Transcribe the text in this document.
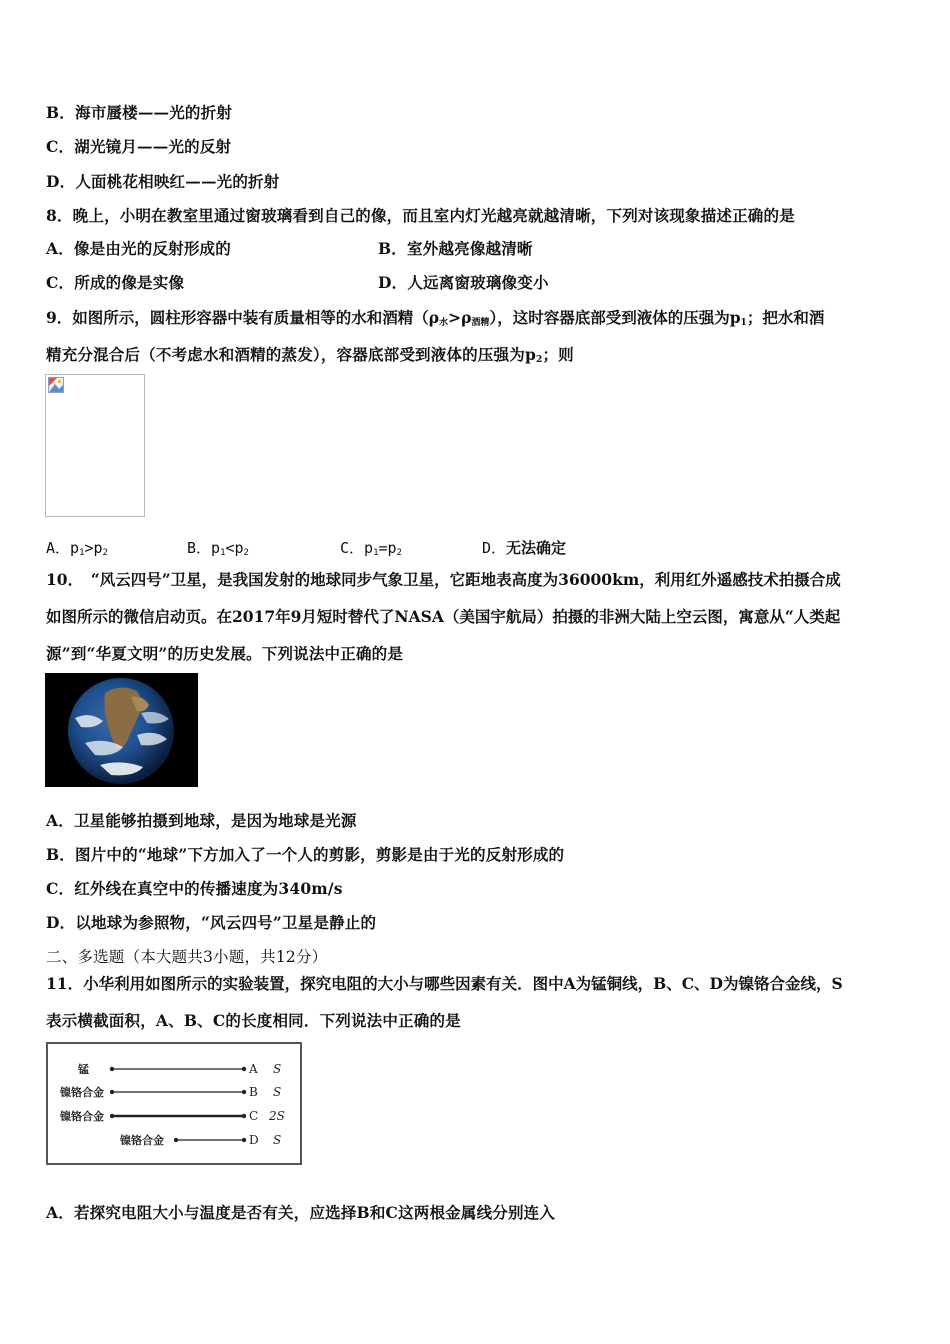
B．海市蜃楼——光的折射
C．湖光镜月——光的反射
D．人面桃花相映红——光的折射
8．晚上，小明在教室里通过窗玻璃看到自己的像，而且室内灯光越亮就越清晰，下列对该现象描述正确的是
A．像是由光的反射形成的	B．室外越亮像越清晰
C．所成的像是实像	D．人远离窗玻璃像变小
9．如图所示，圆柱形容器中装有质量相等的水和酒精$(\rho_水>\rho_{酒精})$，这时容器底部受到液体的压强为$p_1$；把水和酒
精充分混合后（不考虑水和酒精的蒸发），容器底部受到液体的压强为$p_2$；则
A．$p_1>p_2$	B．$p_1<p_2$	C．$p_1=p_2$	D．无法确定
10．　“风云四号”卫星，是我国发射的地球同步气象卫星，它距地表高度为36000km，利用红外遥感技术拍摄合成
如图所示的微信启动页。在2017年9月短时替代了NASA（美国宇航局）拍摄的非洲大陆上空云图，寓意从“人类起
源”到“华夏文明”的历史发展。下列说法中正确的是
A．卫星能够拍摄到地球，是因为地球是光源
B．图片中的“地球”下方加入了一个人的剪影，剪影是由于光的反射形成的
C．红外线在真空中的传播速度为340m/s
D．以地球为参照物，“风云四号”卫星是静止的
二、多选题（本大题共3小题，共12分）
11．小华利用如图所示的实验装置，探究电阻的大小与哪些因素有关．图中A为锰铜线，B、C、D为镍铬合金线，S
表示横截面积，A、B、C的长度相同．下列说法中正确的是
锰	A S
镍铬合金	B S
镍铬合金	C 2S
镍铬合金	D S
A．若探究电阻大小与温度是否有关，应选择B和C这两根金属线分别连入
